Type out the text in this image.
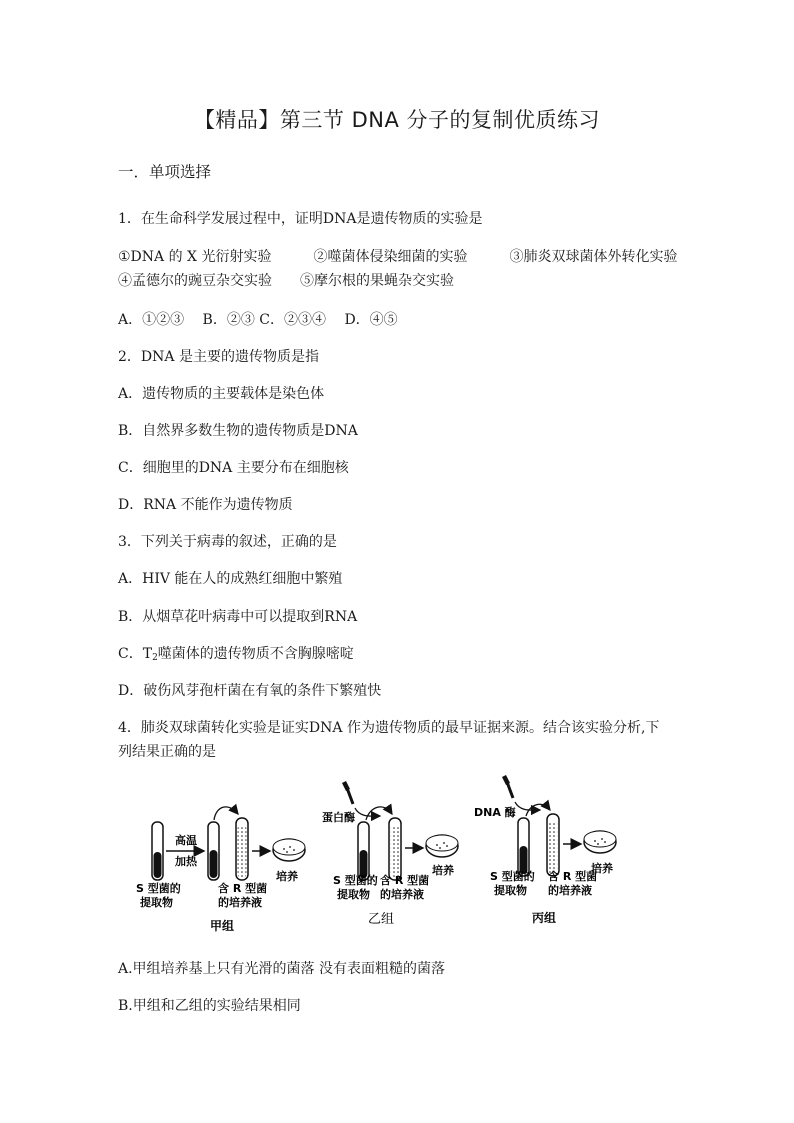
【精品】第三节 DNA 分子的复制优质练习
一．单项选择
1．在生命科学发展过程中，证明DNA是遗传物质的实验是
①DNA 的 X 光衍射实验　　　②噬菌体侵染细菌的实验　　　③肺炎双球菌体外转化实验
④孟德尔的豌豆杂交实验　　⑤摩尔根的果蝇杂交实验
A．①②③　 B．②③ C．②③④　 D．④⑤
2．DNA 是主要的遗传物质是指
A．遗传物质的主要载体是染色体
B．自然界多数生物的遗传物质是DNA
C．细胞里的DNA 主要分布在细胞核
D．RNA 不能作为遗传物质
3．下列关于病毒的叙述，正确的是
A．HIV 能在人的成熟红细胞中繁殖
B．从烟草花叶病毒中可以提取到RNA
C．$T_2$噬菌体的遗传物质不含胸腺嘧啶
D．破伤风芽孢杆菌在有氧的条件下繁殖快
4．肺炎双球菌转化实验是证实DNA 作为遗传物质的最早证据来源。结合该实验分析,下
列结果正确的是
高温
加热
培养
S 型菌的
提取物
含 R 型菌
的培养液
甲组
蛋白酶
培养
S 型菌的
提取物
含 R 型菌
的培养液
乙组
DNA 酶
培养
S 型菌的
提取物
含 R 型菌
的培养液
丙组
A.甲组培养基上只有光滑的菌落 没有表面粗糙的菌落
B.甲组和乙组的实验结果相同
